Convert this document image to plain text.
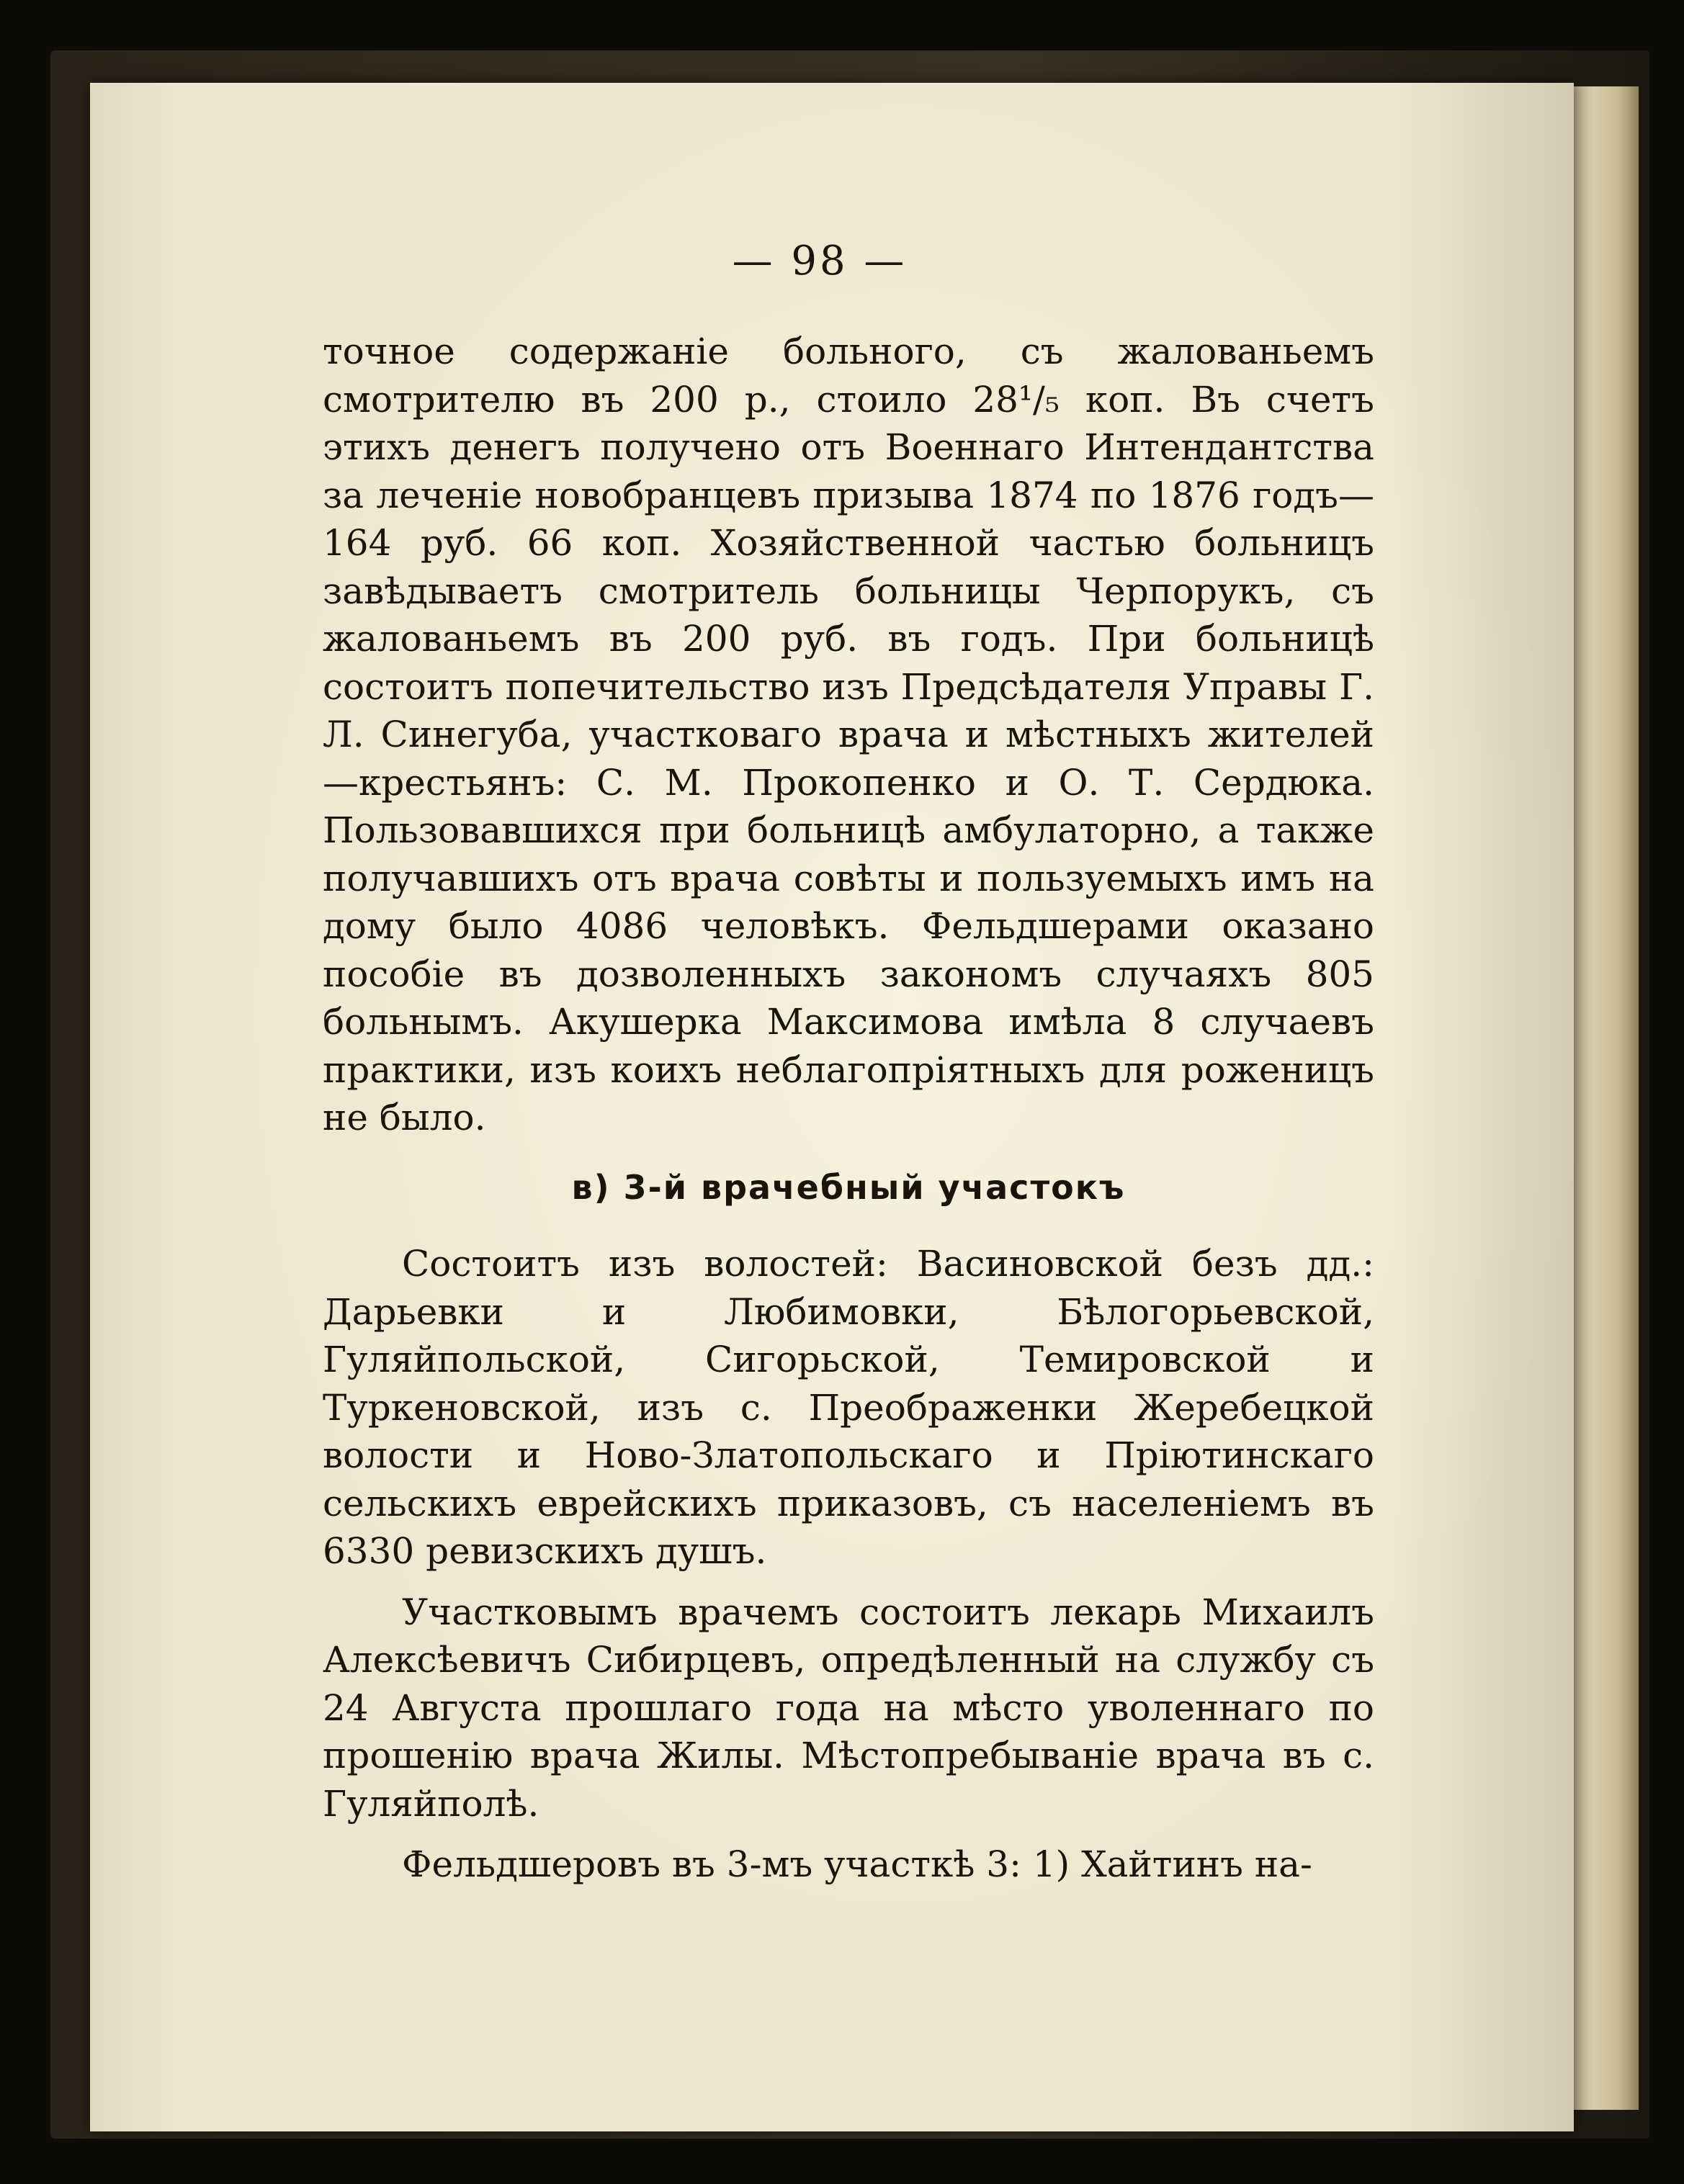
— 98 —

точное содержаніе больного, съ жалованьемъ смотрителю въ 200 р., стоило 28¹/₅ коп. Въ счетъ этихъ денегъ получено отъ Военнаго Интендантства за леченіе новобранцевъ призыва 1874 по 1876 годъ—164 руб. 66 коп. Хозяйственной частью больницъ завѣдываетъ смотритель больницы Черпорукъ, съ жалованьемъ въ 200 руб. въ годъ. При больницѣ состоитъ попечительство изъ Предсѣдателя Управы Г. Л. Синегуба, участковаго врача и мѣстныхъ жителей—крестьянъ: С. М. Прокопенко и О. Т. Сердюка. Пользовавшихся при больницѣ амбулаторно, а также получавшихъ отъ врача совѣты и пользуемыхъ имъ на дому было 4086 человѣкъ. Фельдшерами оказано пособіе въ дозволенныхъ закономъ случаяхъ 805 больнымъ. Акушерка Максимова имѣла 8 случаевъ практики, изъ коихъ неблагопріятныхъ для роженицъ не было.

в) 3-й врачебный участокъ

Состоитъ изъ волостей: Васиновской безъ дд.: Дарьевки и Любимовки, Бѣлогорьевской, Гуляйпольской, Сигорьской, Темировской и Туркеновской, изъ с. Преображенки Жеребецкой волости и Ново-Златопольскаго и Пріютинскаго сельскихъ еврейскихъ приказовъ, съ населеніемъ въ 6330 ревизскихъ душъ.

Участковымъ врачемъ состоитъ лекарь Михаилъ Алексѣевичъ Сибирцевъ, опредѣленный на службу съ 24 Августа прошлаго года на мѣсто уволеннаго по прошенію врача Жилы. Мѣстопребываніе врача въ с. Гуляйполѣ.

Фельдшеровъ въ 3-мъ участкѣ 3: 1) Хайтинъ на-
